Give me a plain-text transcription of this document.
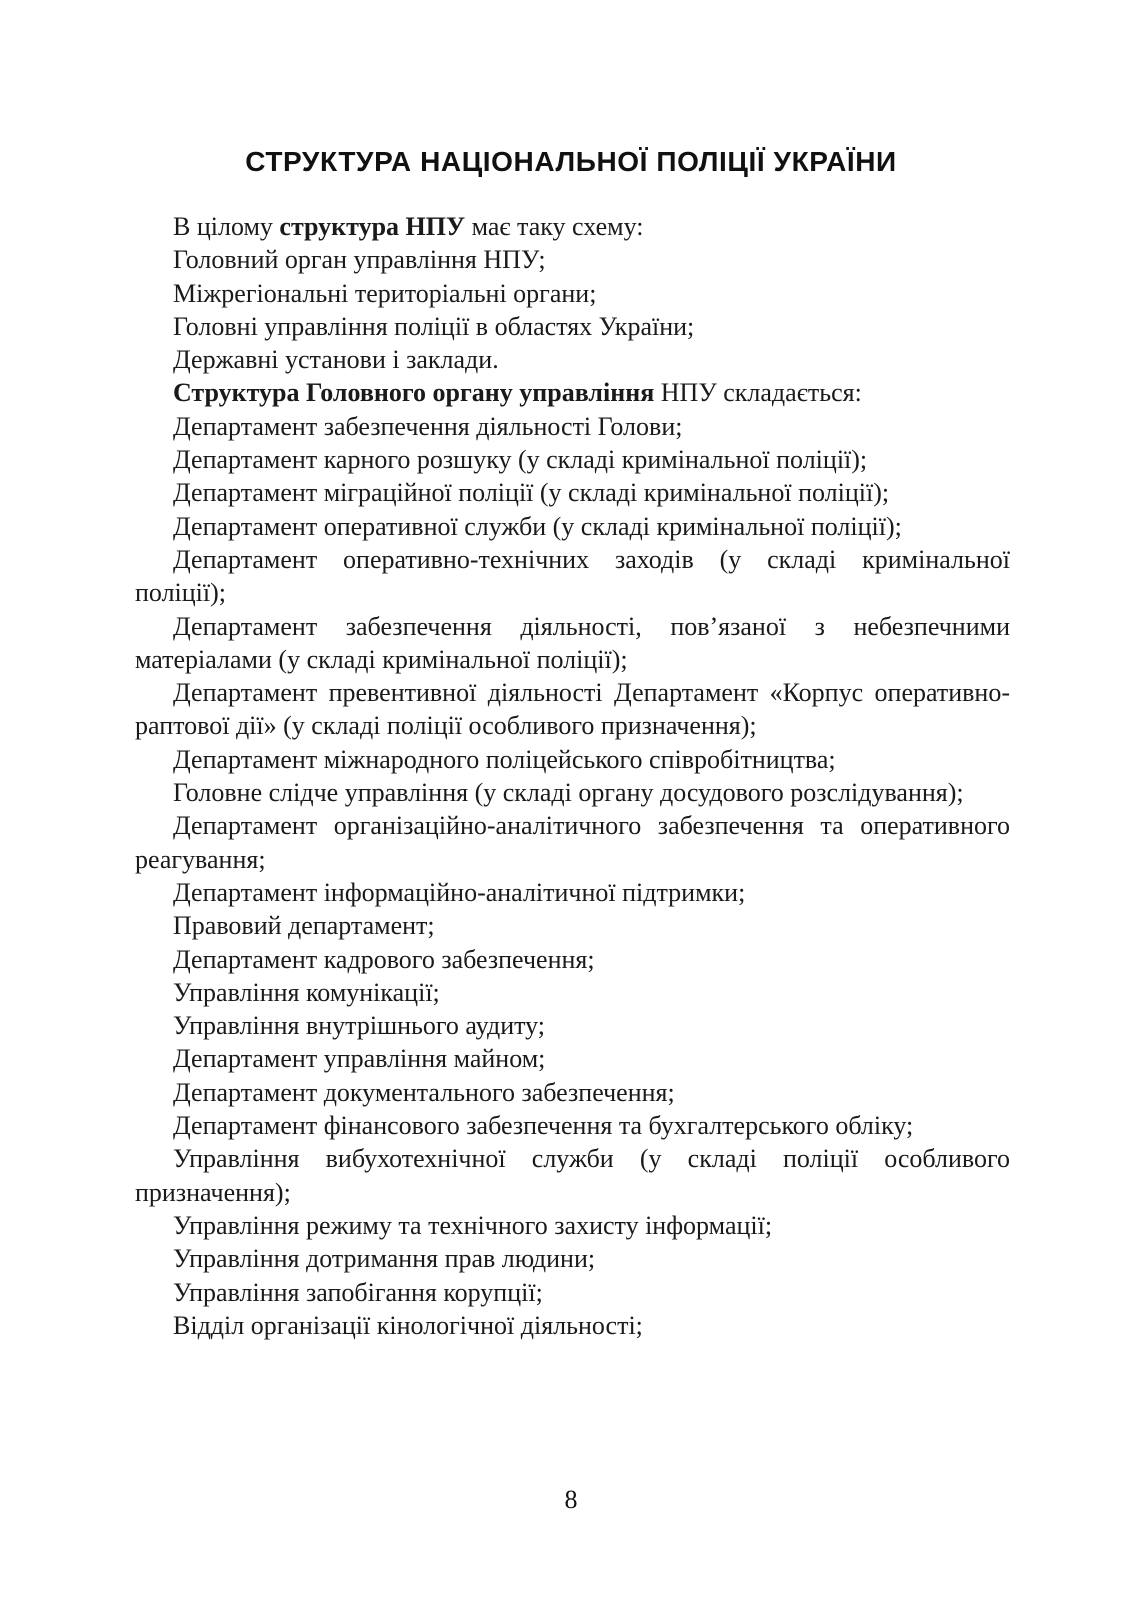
СТРУКТУРА НАЦІОНАЛЬНОЇ ПОЛІЦІЇ УКРАЇНИ

В цілому структура НПУ має таку схему:

Головний орган управління НПУ;

Міжрегіональні територіальні органи;

Головні управління поліції в областях України;

Державні установи і заклади.

Структура Головного органу управління НПУ складається:

Департамент забезпечення діяльності Голови;

Департамент карного розшуку (у складі кримінальної поліції);

Департамент міграційної поліції (у складі кримінальної поліції);

Департамент оперативної служби (у складі кримінальної поліції);

Департамент оперативно-технічних заходів (у складі кримінальної поліції);

Департамент забезпечення діяльності, пов’язаної з небезпечними матеріалами (у складі кримінальної поліції);

Департамент превентивної діяльності Департамент «Корпус оперативно-раптової дії» (у складі поліції особливого призначення);

Департамент міжнародного поліцейського співробітництва;

Головне слідче управління (у складі органу досудового розслідування);

Департамент організаційно-аналітичного забезпечення та оперативного реагування;

Департамент інформаційно-аналітичної підтримки;

Правовий департамент;

Департамент кадрового забезпечення;

Управління комунікації;

Управління внутрішнього аудиту;

Департамент управління майном;

Департамент документального забезпечення;

Департамент фінансового забезпечення та бухгалтерського обліку;

Управління вибухотехнічної служби (у складі поліції особливого призначення);

Управління режиму та технічного захисту інформації;

Управління дотримання прав людини;

Управління запобігання корупції;

Відділ організації кінологічної діяльності;

8
